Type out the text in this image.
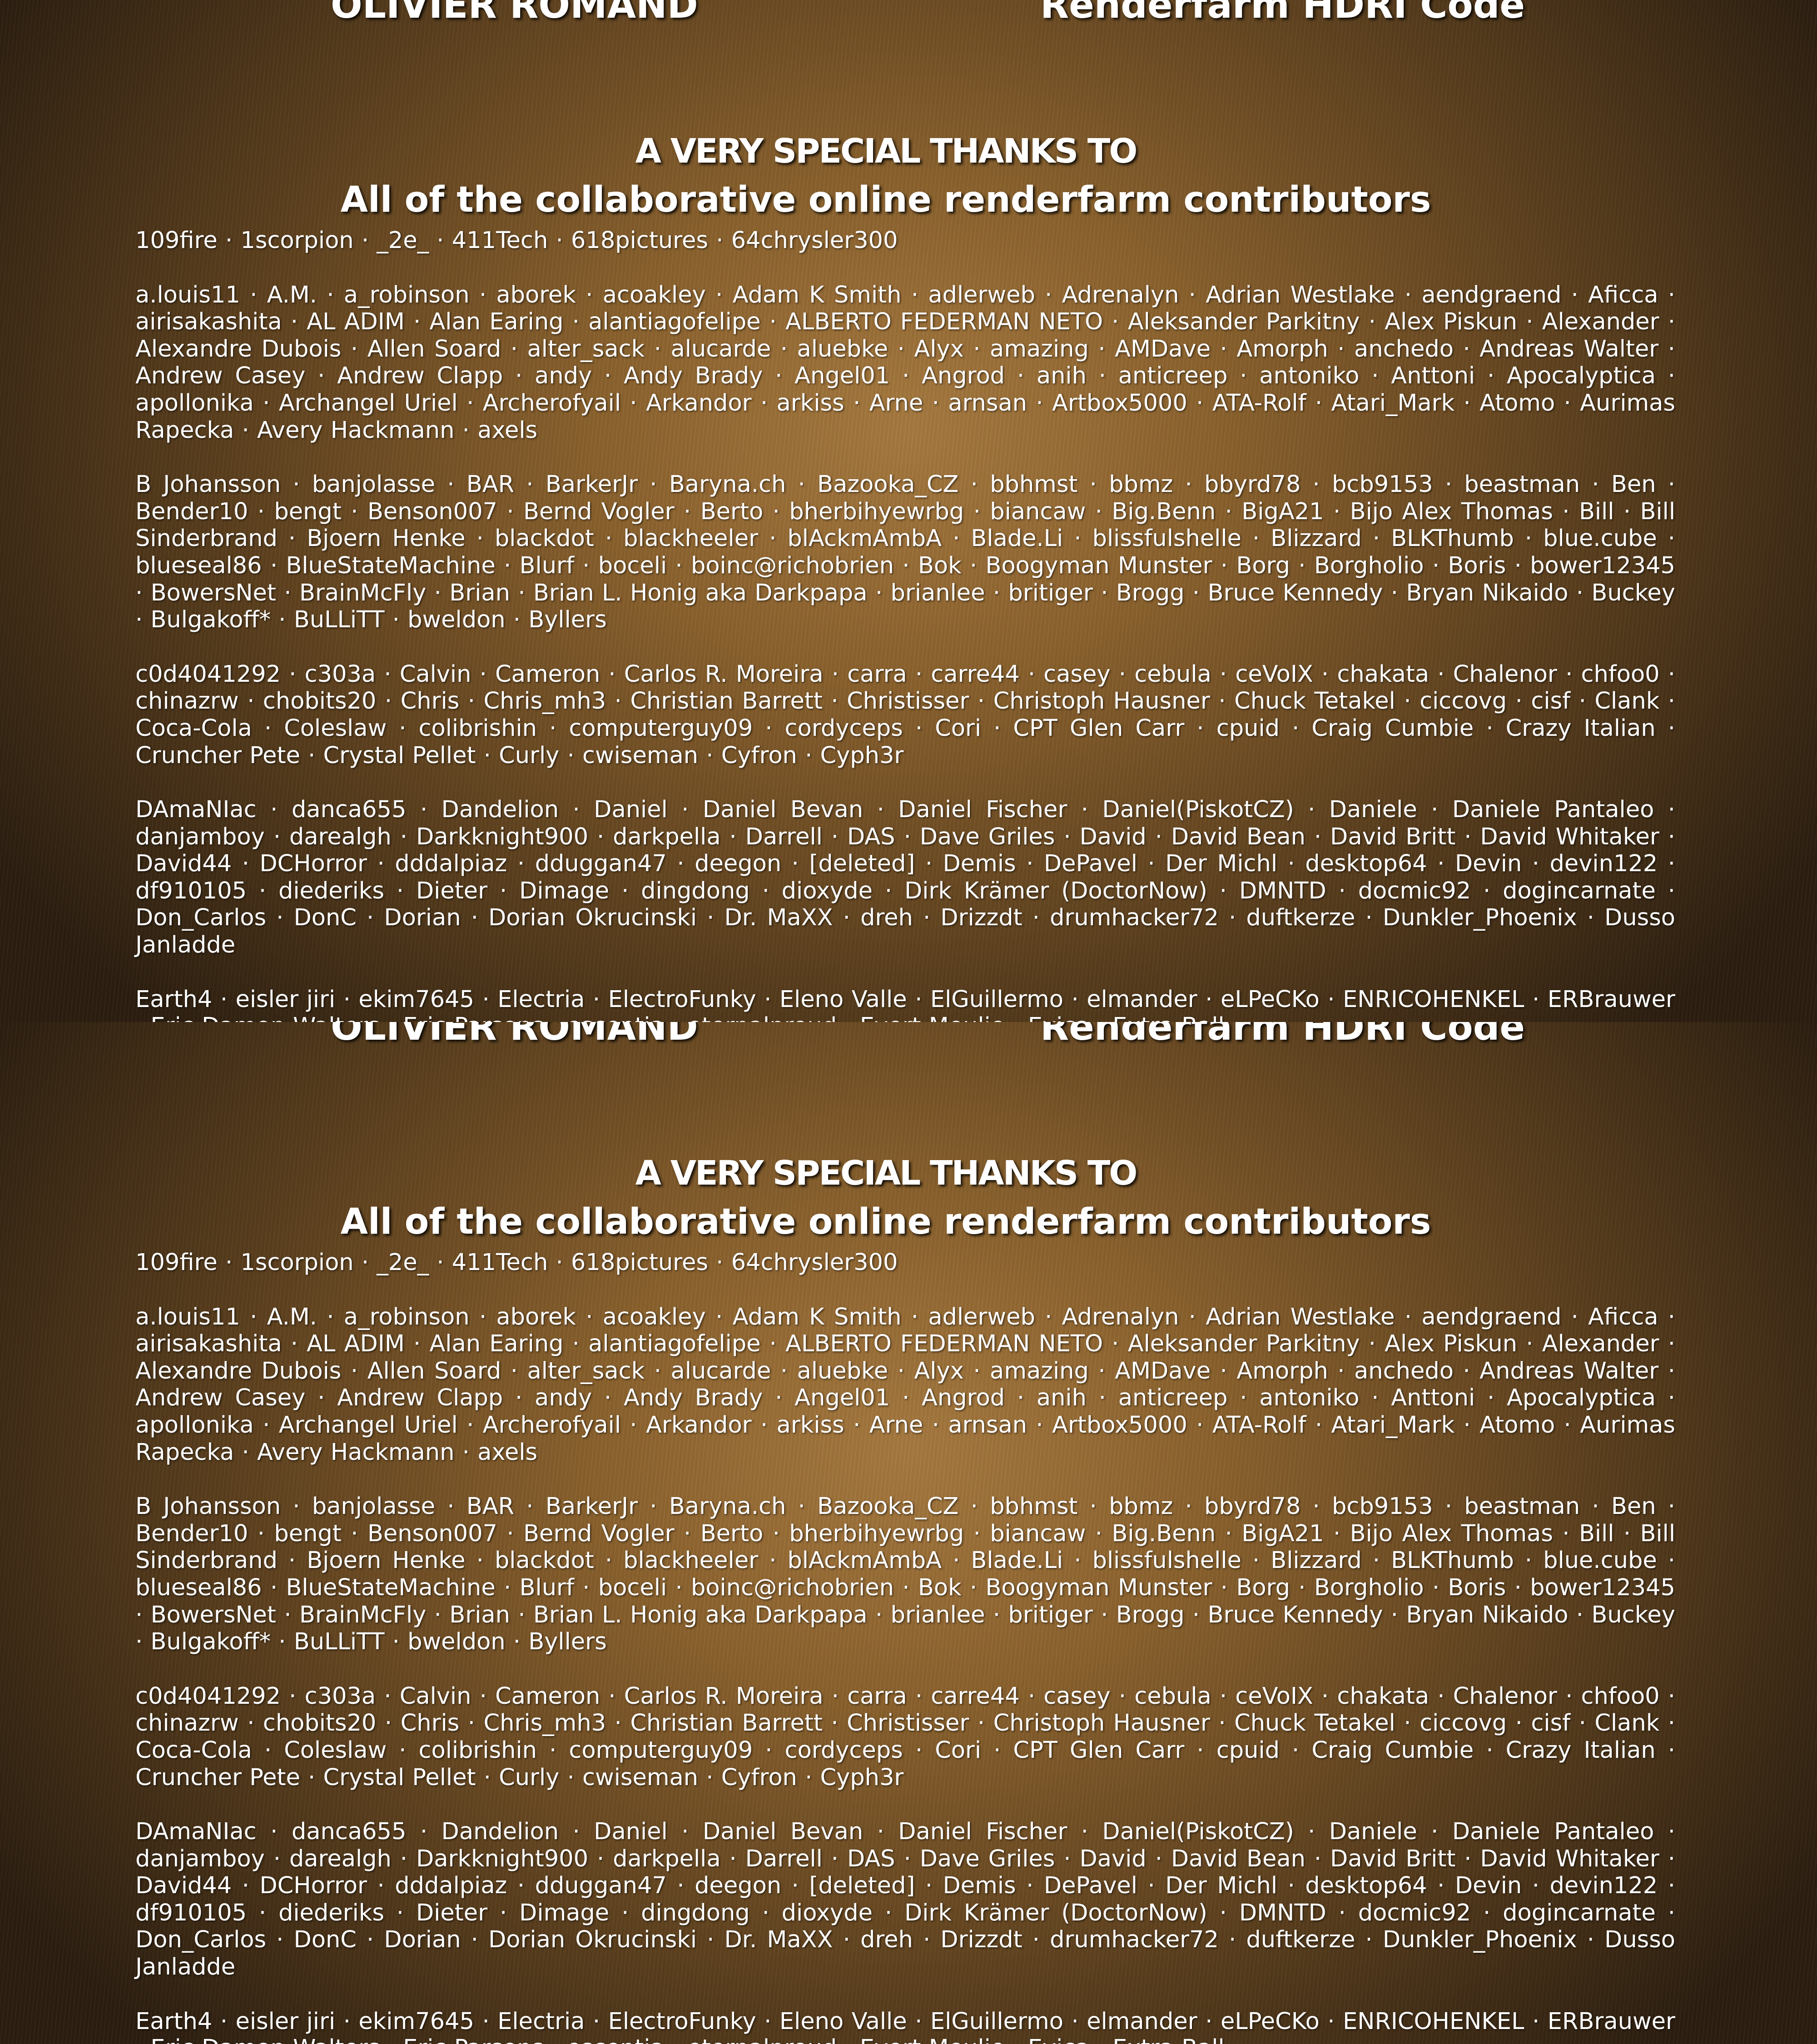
OLIVIER ROMAND	Renderfarm HDRI Code
A VERY SPECIAL THANKS TO
All of the collaborative online renderfarm contributors

109fire · 1scorpion · _2e_ · 411Tech · 618pictures · 64chrysler300

a.louis11 · A.M. · a_robinson · aborek · acoakley · Adam K Smith · adlerweb · Adrenalyn · Adrian Westlake · aendgraend · Aficca · airisakashita · AL ADIM · Alan Earing · alantiagofelipe · ALBERTO FEDERMAN NETO · Aleksander Parkitny · Alex Piskun · Alexander · Alexandre Dubois · Allen Soard · alter_sack · alucarde · aluebke · Alyx · amazing · AMDave · Amorph · anchedo · Andreas Walter · Andrew Casey · Andrew Clapp · andy · Andy Brady · Angel01 · Angrod · anih · anticreep · antoniko · Anttoni · Apocalyptica · apollonika · Archangel Uriel · Archerofyail · Arkandor · arkiss · Arne · arnsan · Artbox5000 · ATA-Rolf · Atari_Mark · Atomo · Aurimas Rapecka · Avery Hackmann · axels

B Johansson · banjolasse · BAR · BarkerJr · Baryna.ch · Bazooka_CZ · bbhmst · bbmz · bbyrd78 · bcb9153 · beastman · Ben · Bender10 · bengt · Benson007 · Bernd Vogler · Berto · bherbihyewrbg · biancaw · Big.Benn · BigA21 · Bijo Alex Thomas · Bill · Bill Sinderbrand · Bjoern Henke · blackdot · blackheeler · blAckmAmbA · Blade.Li · blissfulshelle · Blizzard · BLKThumb · blue.cube · blueseal86 · BlueStateMachine · Blurf · boceli · boinc@richobrien · Bok · Boogyman Munster · Borg · Borgholio · Boris · bower12345 · BowersNet · BrainMcFly · Brian · Brian L. Honig aka Darkpapa · brianlee · britiger · Brogg · Bruce Kennedy · Bryan Nikaido · Buckey · Bulgakoff* · BuLLiTT · bweldon · Byllers

c0d4041292 · c303a · Calvin · Cameron · Carlos R. Moreira · carra · carre44 · casey · cebula · ceVoIX · chakata · Chalenor · chfoo0 · chinazrw · chobits20 · Chris · Chris_mh3 · Christian Barrett · Christisser · Christoph Hausner · Chuck Tetakel · ciccovg · cisf · Clank · Coca-Cola · Coleslaw · colibrishin · computerguy09 · cordyceps · Cori · CPT Glen Carr · cpuid · Craig Cumbie · Crazy Italian · Cruncher Pete · Crystal Pellet · Curly · cwiseman · Cyfron · Cyph3r

DAmaNIac · danca655 · Dandelion · Daniel · Daniel Bevan · Daniel Fischer · Daniel(PiskotCZ) · Daniele · Daniele Pantaleo · danjamboy · darealgh · Darkknight900 · darkpella · Darrell · DAS · Dave Griles · David · David Bean · David Britt · David Whitaker · David44 · DCHorror · dddalpiaz · dduggan47 · deegon · [deleted] · Demis · DePavel · Der Michl · desktop64 · Devin · devin122 · df910105 · diederiks · Dieter · Dimage · dingdong · dioxyde · Dirk Krämer (DoctorNow) · DMNTD · docmic92 · dogincarnate · Don_Carlos · DonC · Dorian · Dorian Okrucinski · Dr. MaXX · dreh · Drizzdt · drumhacker72 · duftkerze · Dunkler_Phoenix · Dusso Janladde

Earth4 · eisler jiri · ekim7645 · Electria · ElectroFunky · Eleno Valle · ElGuillermo · elmander · eLPeCKo · ENRICOHENKEL · ERBrauwer

OLIVIER ROMAND	Renderfarm HDRI Code
A VERY SPECIAL THANKS TO
All of the collaborative online renderfarm contributors

109fire · 1scorpion · _2e_ · 411Tech · 618pictures · 64chrysler300

a.louis11 · A.M. · a_robinson · aborek · acoakley · Adam K Smith · adlerweb · Adrenalyn · Adrian Westlake · aendgraend · Aficca · airisakashita · AL ADIM · Alan Earing · alantiagofelipe · ALBERTO FEDERMAN NETO · Aleksander Parkitny · Alex Piskun · Alexander · Alexandre Dubois · Allen Soard · alter_sack · alucarde · aluebke · Alyx · amazing · AMDave · Amorph · anchedo · Andreas Walter · Andrew Casey · Andrew Clapp · andy · Andy Brady · Angel01 · Angrod · anih · anticreep · antoniko · Anttoni · Apocalyptica · apollonika · Archangel Uriel · Archerofyail · Arkandor · arkiss · Arne · arnsan · Artbox5000 · ATA-Rolf · Atari_Mark · Atomo · Aurimas Rapecka · Avery Hackmann · axels

B Johansson · banjolasse · BAR · BarkerJr · Baryna.ch · Bazooka_CZ · bbhmst · bbmz · bbyrd78 · bcb9153 · beastman · Ben · Bender10 · bengt · Benson007 · Bernd Vogler · Berto · bherbihyewrbg · biancaw · Big.Benn · BigA21 · Bijo Alex Thomas · Bill · Bill Sinderbrand · Bjoern Henke · blackdot · blackheeler · blAckmAmbA · Blade.Li · blissfulshelle · Blizzard · BLKThumb · blue.cube · blueseal86 · BlueStateMachine · Blurf · boceli · boinc@richobrien · Bok · Boogyman Munster · Borg · Borgholio · Boris · bower12345 · BowersNet · BrainMcFly · Brian · Brian L. Honig aka Darkpapa · brianlee · britiger · Brogg · Bruce Kennedy · Bryan Nikaido · Buckey · Bulgakoff* · BuLLiTT · bweldon · Byllers

c0d4041292 · c303a · Calvin · Cameron · Carlos R. Moreira · carra · carre44 · casey · cebula · ceVoIX · chakata · Chalenor · chfoo0 · chinazrw · chobits20 · Chris · Chris_mh3 · Christian Barrett · Christisser · Christoph Hausner · Chuck Tetakel · ciccovg · cisf · Clank · Coca-Cola · Coleslaw · colibrishin · computerguy09 · cordyceps · Cori · CPT Glen Carr · cpuid · Craig Cumbie · Crazy Italian · Cruncher Pete · Crystal Pellet · Curly · cwiseman · Cyfron · Cyph3r

DAmaNIac · danca655 · Dandelion · Daniel · Daniel Bevan · Daniel Fischer · Daniel(PiskotCZ) · Daniele · Daniele Pantaleo · danjamboy · darealgh · Darkknight900 · darkpella · Darrell · DAS · Dave Griles · David · David Bean · David Britt · David Whitaker · David44 · DCHorror · dddalpiaz · dduggan47 · deegon · [deleted] · Demis · DePavel · Der Michl · desktop64 · Devin · devin122 · df910105 · diederiks · Dieter · Dimage · dingdong · dioxyde · Dirk Krämer (DoctorNow) · DMNTD · docmic92 · dogincarnate · Don_Carlos · DonC · Dorian · Dorian Okrucinski · Dr. MaXX · dreh · Drizzdt · drumhacker72 · duftkerze · Dunkler_Phoenix · Dusso Janladde

Earth4 · eisler jiri · ekim7645 · Electria · ElectroFunky · Eleno Valle · ElGuillermo · elmander · eLPeCKo · ENRICOHENKEL · ERBrauwer
